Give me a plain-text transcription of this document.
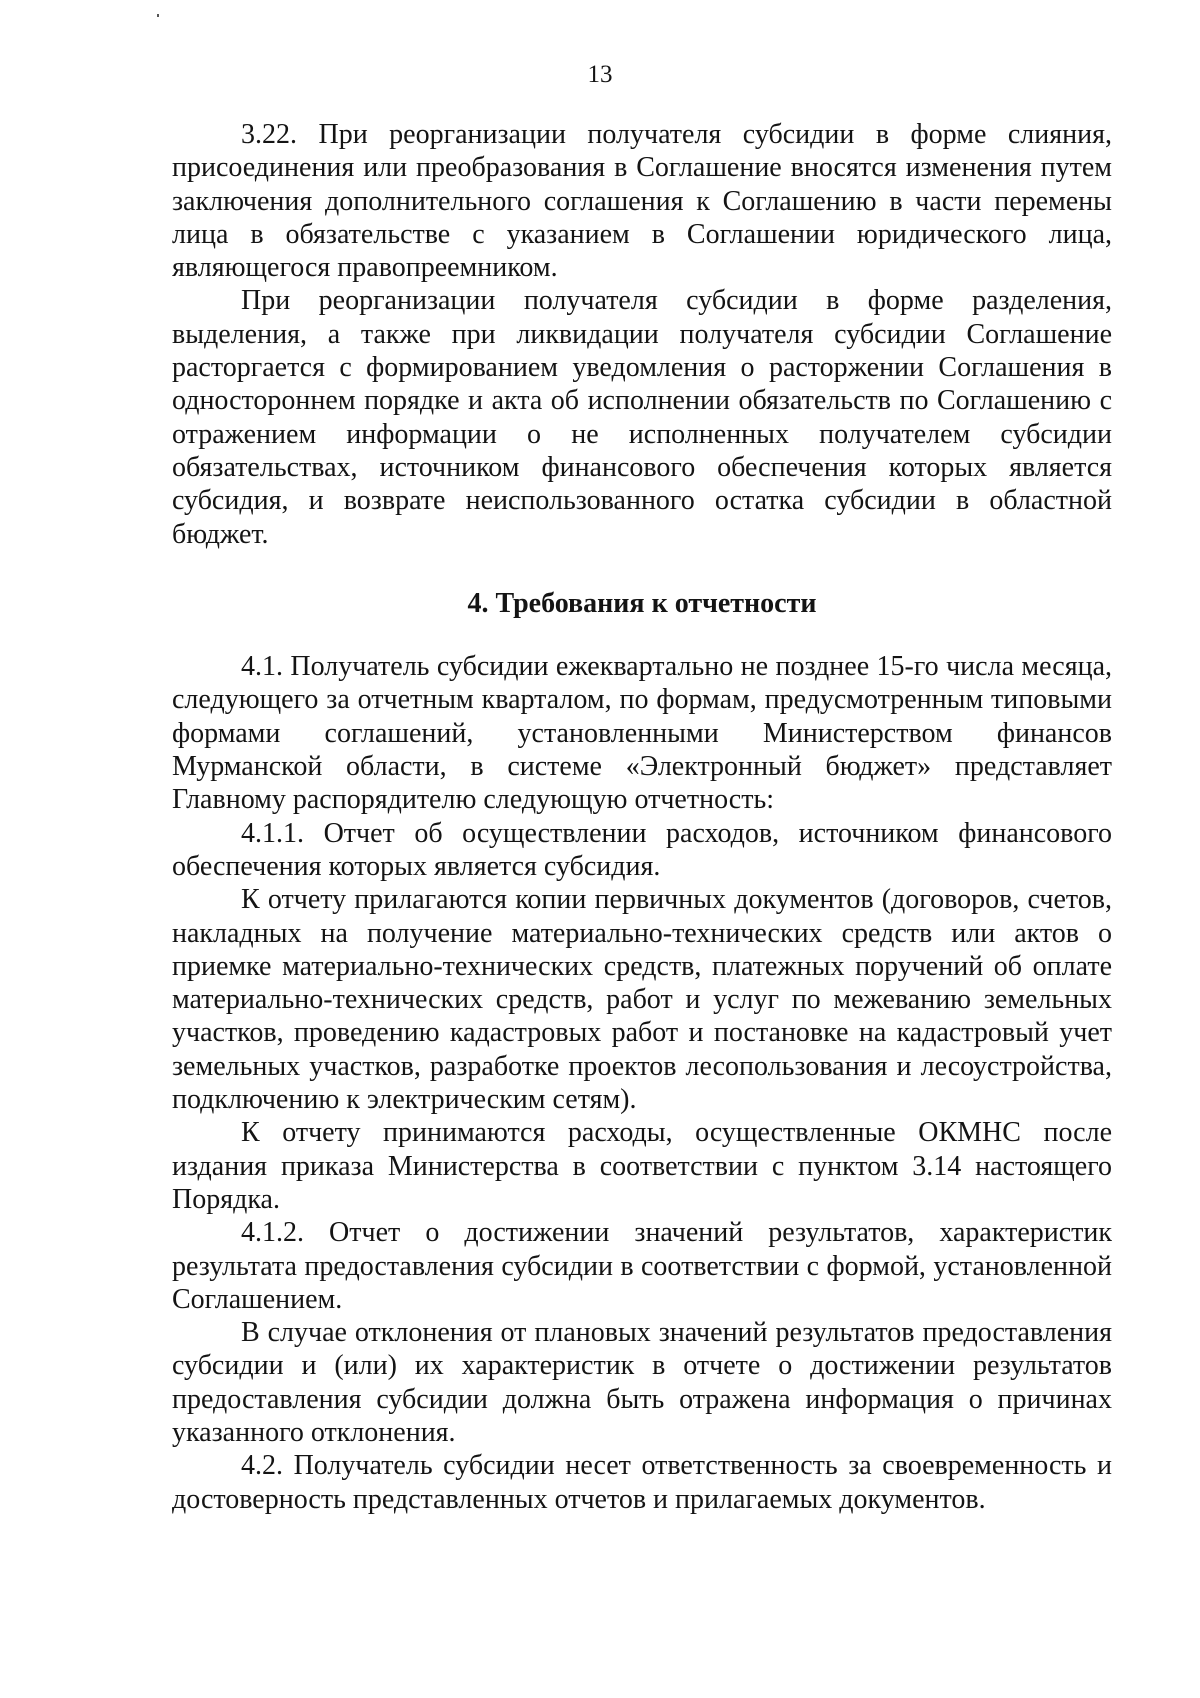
13

3.22. При реорганизации получателя субсидии в форме слияния, присоединения или преобразования в Соглашение вносятся изменения путем заключения дополнительного соглашения к Соглашению в части перемены лица в обязательстве с указанием в Соглашении юридического лица, являющегося правопреемником.

При реорганизации получателя субсидии в форме разделения, выделения, а также при ликвидации получателя субсидии Соглашение расторгается с формированием уведомления о расторжении Соглашения в одностороннем порядке и акта об исполнении обязательств по Соглашению с отражением информации о не исполненных получателем субсидии обязательствах, источником финансового обеспечения которых является субсидия, и возврате неиспользованного остатка субсидии в областной бюджет.

4. Требования к отчетности

4.1. Получатель субсидии ежеквартально не позднее 15-го числа месяца, следующего за отчетным кварталом, по формам, предусмотренным типовыми формами соглашений, установленными Министерством финансов Мурманской области, в системе «Электронный бюджет» представляет Главному распорядителю следующую отчетность:

4.1.1. Отчет об осуществлении расходов, источником финансового обеспечения которых является субсидия.

К отчету прилагаются копии первичных документов (договоров, счетов, накладных на получение материально-технических средств или актов о приемке материально-технических средств, платежных поручений об оплате материально-технических средств, работ и услуг по межеванию земельных участков, проведению кадастровых работ и постановке на кадастровый учет земельных участков, разработке проектов лесопользования и лесоустройства, подключению к электрическим сетям).

К отчету принимаются расходы, осуществленные ОКМНС после издания приказа Министерства в соответствии с пунктом 3.14 настоящего Порядка.

4.1.2. Отчет о достижении значений результатов, характеристик результата предоставления субсидии в соответствии с формой, установленной Соглашением.

В случае отклонения от плановых значений результатов предоставления субсидии и (или) их характеристик в отчете о достижении результатов предоставления субсидии должна быть отражена информация о причинах указанного отклонения.

4.2. Получатель субсидии несет ответственность за своевременность и достоверность представленных отчетов и прилагаемых документов.
